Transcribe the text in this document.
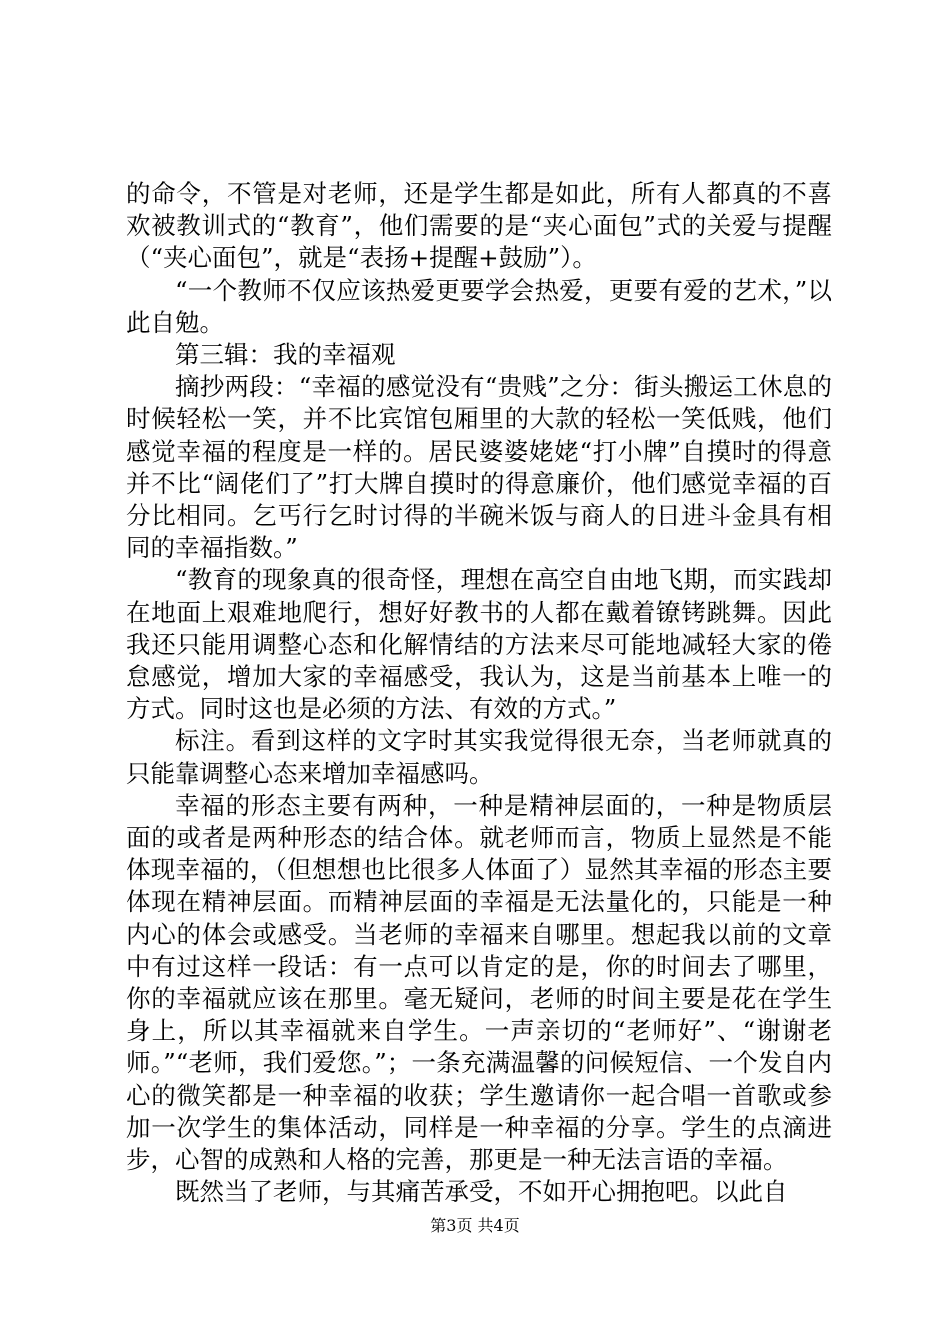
的命令，不管是对老师，还是学生都是如此，所有人都真的不喜欢被教训式的“教育”，他们需要的是“夹心面包”式的关爱与提醒（“夹心面包”，就是“表扬+提醒+鼓励”）。

“一个教师不仅应该热爱更要学会热爱，更要有爱的艺术，”以此自勉。

第三辑：我的幸福观

摘抄两段：“幸福的感觉没有“贵贱”之分：街头搬运工休息的时候轻松一笑，并不比宾馆包厢里的大款的轻松一笑低贱，他们感觉幸福的程度是一样的。居民婆婆姥姥“打小牌”自摸时的得意并不比“阔佬们了”打大牌自摸时的得意廉价，他们感觉幸福的百分比相同。乞丐行乞时讨得的半碗米饭与商人的日进斗金具有相同的幸福指数。”

“教育的现象真的很奇怪，理想在高空自由地飞期，而实践却在地面上艰难地爬行，想好好教书的人都在戴着镣铐跳舞。因此我还只能用调整心态和化解情结的方法来尽可能地减轻大家的倦怠感觉，增加大家的幸福感受，我认为，这是当前基本上唯一的方式。同时这也是必须的方法、有效的方式。”

标注。看到这样的文字时其实我觉得很无奈，当老师就真的只能靠调整心态来增加幸福感吗。

幸福的形态主要有两种，一种是精神层面的，一种是物质层面的或者是两种形态的结合体。就老师而言，物质上显然是不能体现幸福的，（但想想也比很多人体面了）显然其幸福的形态主要体现在精神层面。而精神层面的幸福是无法量化的，只能是一种内心的体会或感受。当老师的幸福来自哪里。想起我以前的文章中有过这样一段话：有一点可以肯定的是，你的时间去了哪里，你的幸福就应该在那里。毫无疑问，老师的时间主要是花在学生身上，所以其幸福就来自学生。一声亲切的“老师好”、“谢谢老师。”“老师，我们爱您。”；一条充满温馨的问候短信、一个发自内心的微笑都是一种幸福的收获；学生邀请你一起合唱一首歌或参加一次学生的集体活动，同样是一种幸福的分享。学生的点滴进步，心智的成熟和人格的完善，那更是一种无法言语的幸福。

既然当了老师，与其痛苦承受，不如开心拥抱吧。以此自

第3页 共4页
